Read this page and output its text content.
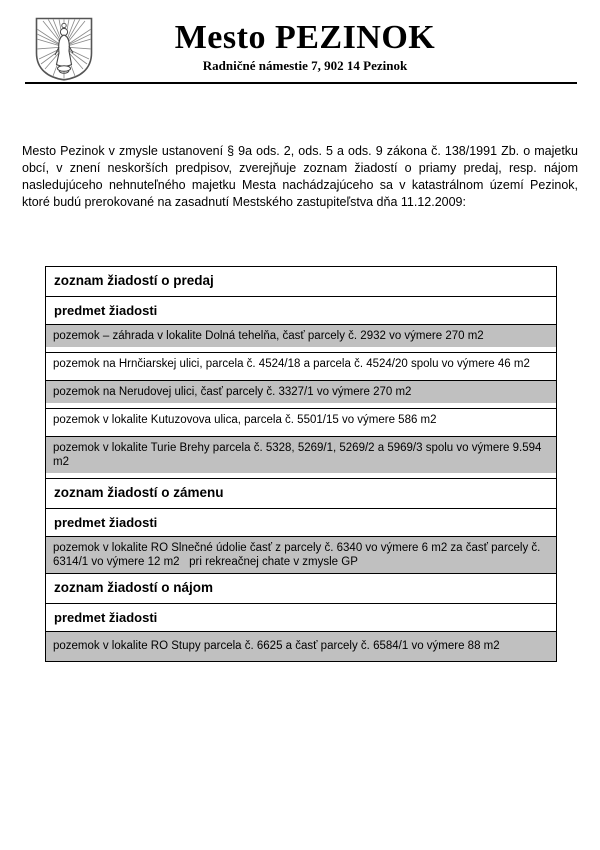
Mesto PEZINOK
Radničné námestie 7, 902 14 Pezinok

Mesto Pezinok v zmysle ustanovení § 9a ods. 2, ods. 5 a ods. 9 zákona č. 138/1991 Zb. o majetku obcí, v znení neskorších predpisov, zverejňuje zoznam žiadostí o priamy predaj, resp. nájom nasledujúceho nehnuteľného majetku Mesta nachádzajúceho sa v katastrálnom území Pezinok, ktoré budú prerokované na zasadnutí Mestského zastupiteľstva dňa 11.12.2009:

zoznam žiadostí o predaj
predmet žiadosti
pozemok – záhrada v lokalite Dolná tehelňa, časť parcely č. 2932 vo výmere 270 m2
pozemok na Hrnčiarskej ulici, parcela č. 4524/18 a parcela č. 4524/20 spolu vo výmere 46 m2
pozemok na Nerudovej ulici, časť parcely č. 3327/1 vo výmere 270 m2
pozemok v lokalite Kutuzovova ulica, parcela č. 5501/15 vo výmere 586 m2
pozemok v lokalite Turie Brehy parcela č. 5328, 5269/1, 5269/2 a 5969/3 spolu vo výmere 9.594 m2
zoznam žiadostí o zámenu
predmet žiadosti
pozemok v lokalite RO Slnečné údolie časť z parcely č. 6340 vo výmere 6 m2 za časť parcely č. 6314/1 vo výmere 12 m2   pri rekreačnej chate v zmysle GP
zoznam žiadostí o nájom
predmet žiadosti
pozemok v lokalite RO Stupy parcela č. 6625 a časť parcely č. 6584/1 vo výmere 88 m2
